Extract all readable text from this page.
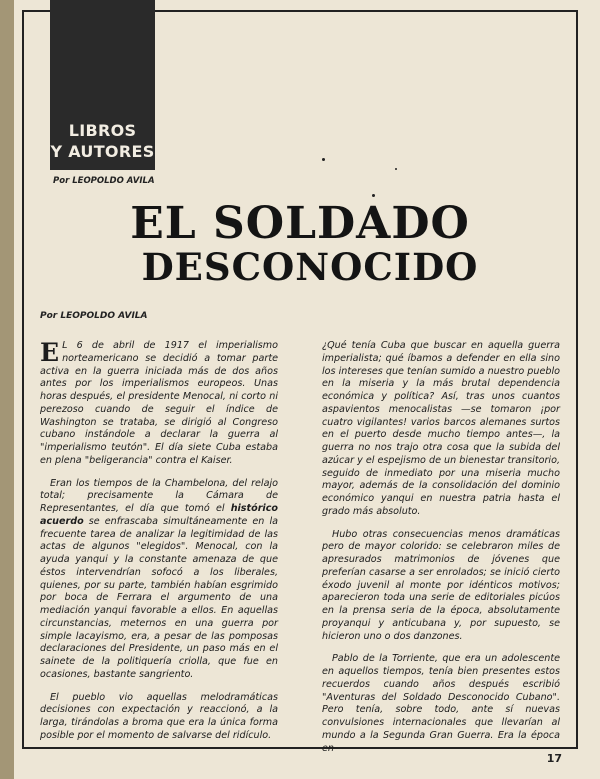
LIBROS
Y AUTORES
Por LEOPOLDO AVILA
EL SOLDADO
DESCONOCIDO
Por LEOPOLDO AVILA

E L 6 de abril de 1917 el imperialismo norteamericano se decidió a tomar parte activa en la guerra iniciada más de dos años antes por los imperialismos europeos. Unas horas después, el presidente Menocal, ni corto ni perezoso cuando de seguir el índice de Washington se trataba, se dirigió al Congreso cubano instándole a declarar la guerra al "imperialismo teutón". El día siete Cuba estaba en plena "beligerancia" contra el Kaiser.

Eran los tiempos de la Chambelona, del relajo total; precisamente la Cámara de Representantes, el día que tomó el histórico acuerdo se enfrascaba simultáneamente en la frecuente tarea de analizar la legitimidad de las actas de algunos "elegidos". Menocal, con la ayuda yanqui y la constante amenaza de que éstos intervendrían sofocó a los liberales, quienes, por su parte, también habían esgrimido por boca de Ferrara el argumento de una mediación yanqui favorable a ellos. En aquellas circunstancias, meternos en una guerra por simple lacayismo, era, a pesar de las pomposas declaraciones del Presidente, un paso más en el sainete de la politiquería criolla, que fue en ocasiones, bastante sangriento.

El pueblo vio aquellas melodramáticas decisiones con expectación y reaccionó, a la larga, tirándolas a broma que era la única forma posible por el momento de salvarse del ridículo.

¿Qué tenía Cuba que buscar en aquella guerra imperialista; qué íbamos a defender en ella sino los intereses que tenían sumido a nuestro pueblo en la miseria y la más brutal dependencia económica y política? Así, tras unos cuantos aspavientos menocalistas —se tomaron ¡por cuatro vigilantes! varios barcos alemanes surtos en el puerto desde mucho tiempo antes—, la guerra no nos trajo otra cosa que la subida del azúcar y el espejismo de un bienestar transitorio, seguido de inmediato por una miseria mucho mayor, además de la consolidación del dominio económico yanqui en nuestra patria hasta el grado más absoluto.

Hubo otras consecuencias menos dramáticas pero de mayor colorido: se celebraron miles de apresurados matrimonios de jóvenes que preferían casarse a ser enrolados; se inició cierto éxodo juvenil al monte por idénticos motivos; aparecieron toda una serie de editoriales picúos en la prensa seria de la época, absolutamente proyanqui y anticubana y, por supuesto, se hicieron uno o dos danzones.

Pablo de la Torriente, que era un adolescente en aquellos tiempos, tenía bien presentes estos recuerdos cuando años después escribió "Aventuras del Soldado Desconocido Cubano". Pero tenía, sobre todo, ante sí nuevas convulsiones internacionales que llevarían al mundo a la Segunda Gran Guerra. Era la época en

17
